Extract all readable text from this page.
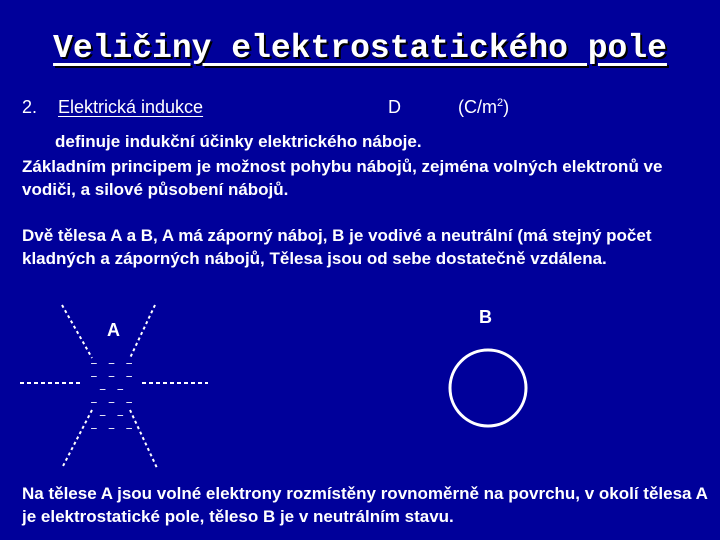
Veličiny elektrostatického pole
2. Elektrická indukce	D	$(C/m^2)$
definuje indukční účinky elektrického náboje.
Základním principem je možnost pohybu nábojů, zejména volných elektronů ve vodiči, a silové působení nábojů.
Dvě tělesa A a B, A má záporný náboj, B je vodivé a neutrální (má stejný počet kladných a záporných nábojů, Tělesa jsou od sebe dostatečně vzdálena.
A
B
– – –
– – – – –
– – – – –
– – –
Na tělese A jsou volné elektrony rozmístěny rovnoměrně na povrchu, v okolí tělesa A je elektrostatické pole, těleso B je v neutrálním stavu.
